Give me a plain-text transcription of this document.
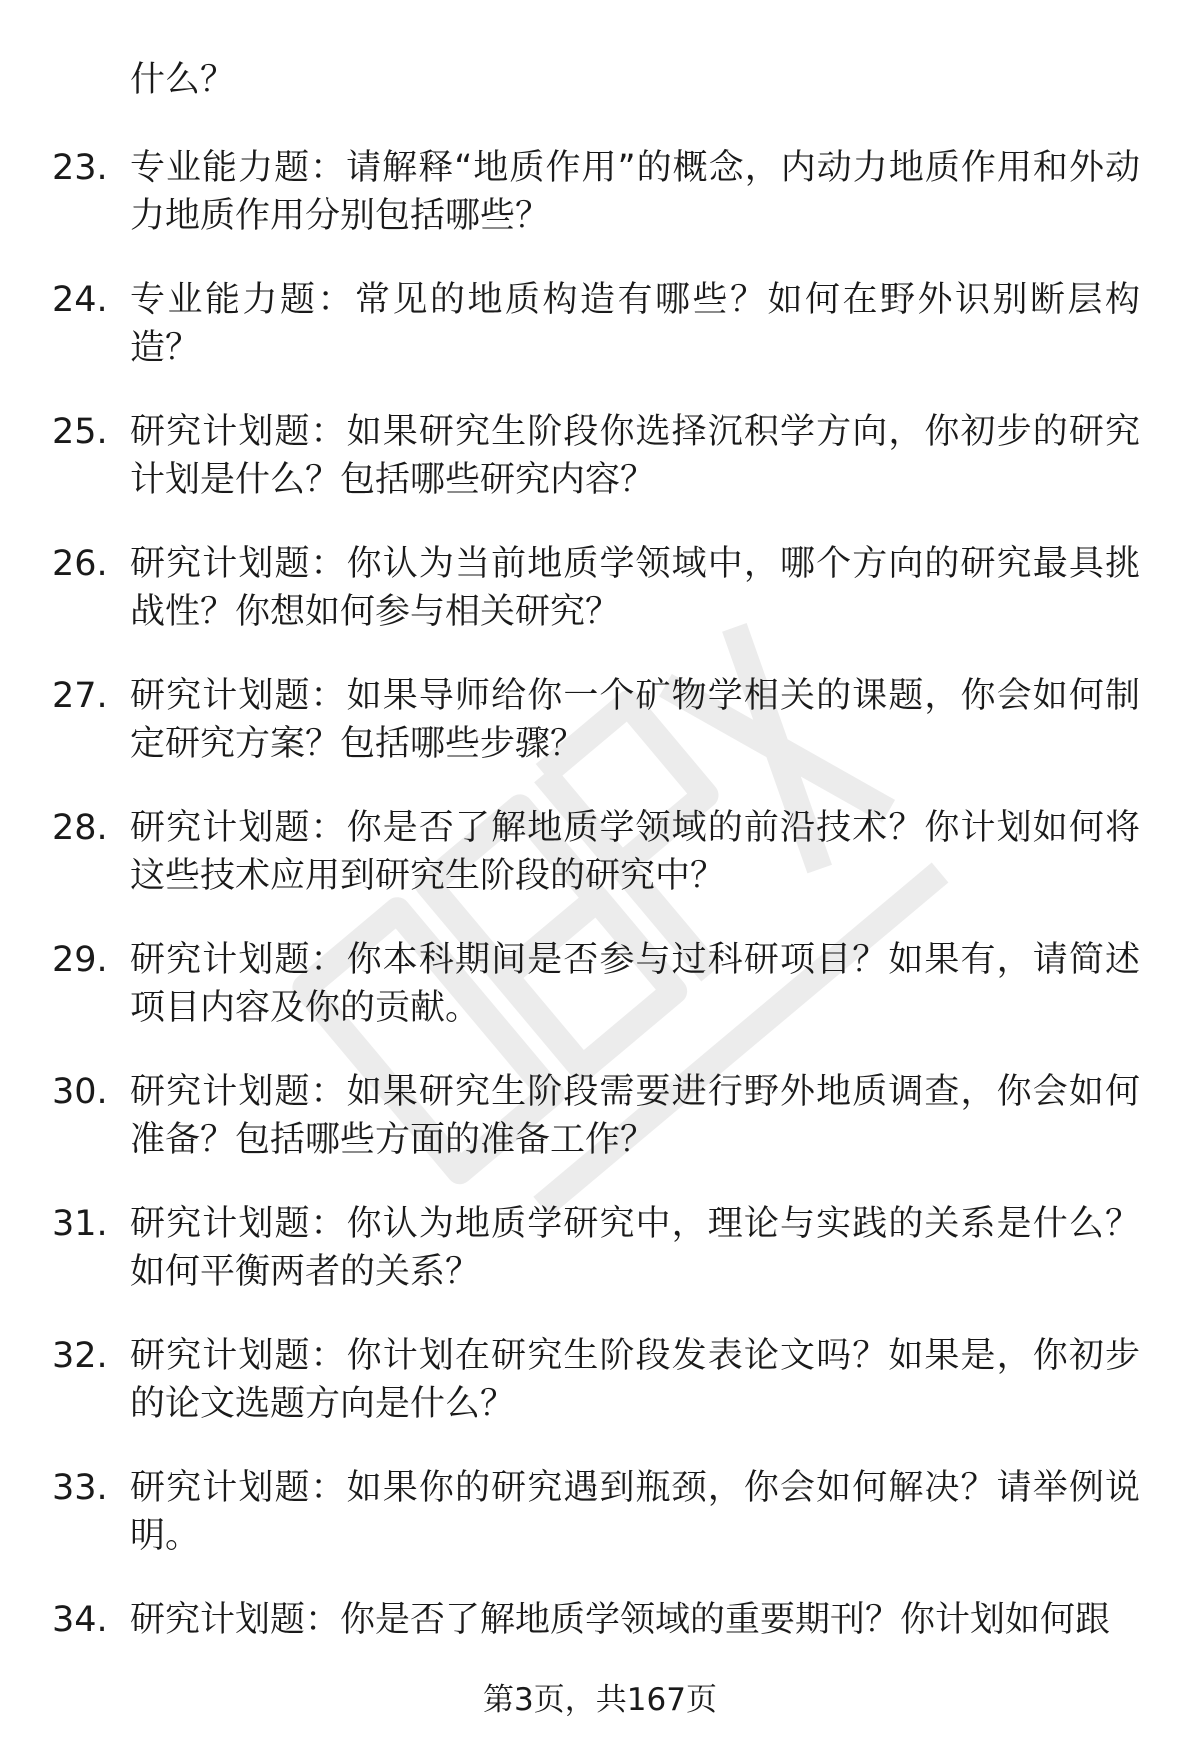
什么？
23. 专业能力题：请解释“地质作用”的概念，内动力地质作用和外动力地质作用分别包括哪些？
24. 专业能力题：常见的地质构造有哪些？如何在野外识别断层构造？
25. 研究计划题：如果研究生阶段你选择沉积学方向，你初步的研究计划是什么？包括哪些研究内容？
26. 研究计划题：你认为当前地质学领域中，哪个方向的研究最具挑战性？你想如何参与相关研究？
27. 研究计划题：如果导师给你一个矿物学相关的课题，你会如何制定研究方案？包括哪些步骤？
28. 研究计划题：你是否了解地质学领域的前沿技术？你计划如何将这些技术应用到研究生阶段的研究中？
29. 研究计划题：你本科期间是否参与过科研项目？如果有，请简述项目内容及你的贡献。
30. 研究计划题：如果研究生阶段需要进行野外地质调查，你会如何准备？包括哪些方面的准备工作？
31. 研究计划题：你认为地质学研究中，理论与实践的关系是什么？如何平衡两者的关系？
32. 研究计划题：你计划在研究生阶段发表论文吗？如果是，你初步的论文选题方向是什么？
33. 研究计划题：如果你的研究遇到瓶颈，你会如何解决？请举例说明。
34. 研究计划题：你是否了解地质学领域的重要期刊？你计划如何跟
第3页，共167页
